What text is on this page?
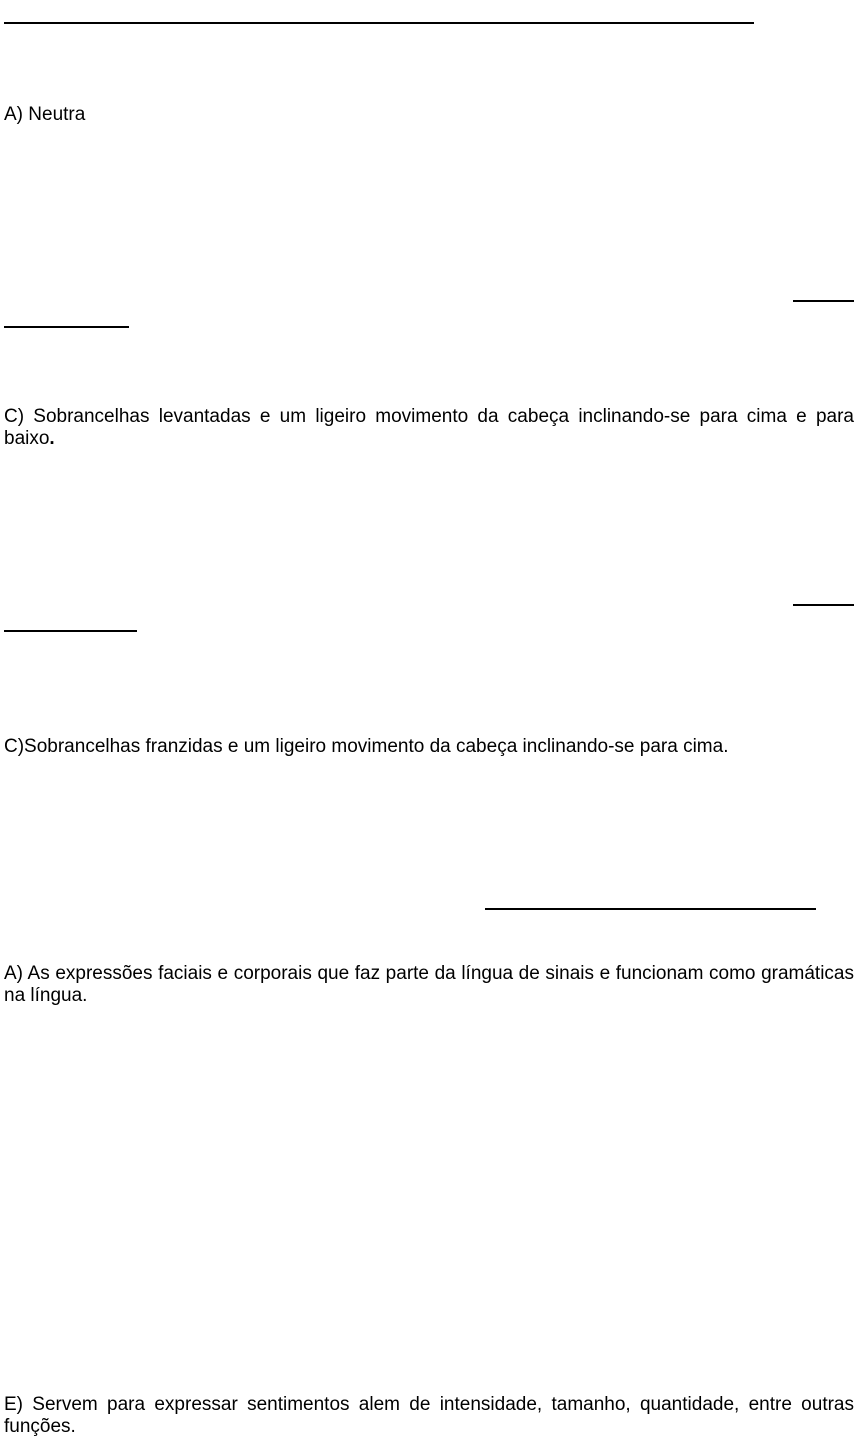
A) Neutra

C) Sobrancelhas levantadas e um ligeiro movimento da cabeça inclinando-se para cima e para baixo.

C)Sobrancelhas franzidas e um ligeiro movimento da cabeça inclinando-se para cima.

A) As expressões faciais e corporais que faz parte da língua de sinais e funcionam como gramáticas na língua.

E) Servem para expressar sentimentos alem de intensidade, tamanho, quantidade, entre outras funções.
